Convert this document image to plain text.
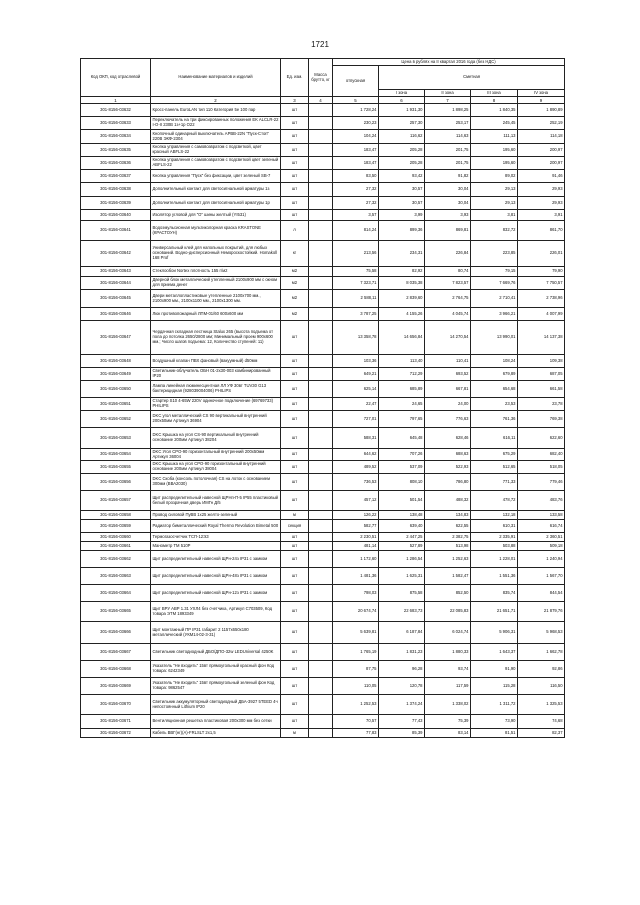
1721
Код ОКП, код отраслевой	Наименование материалов и изделий	Ед. изм.	Масса брутто, кг	Цена в рублях на II квартал 2016 года (без НДС)				
				отпускная	Сметная			
					I зона	II зона	III зона	IV зона
1	2	3	4	5	6	7	8	9
301-8156-03632	Кросс-панель EuroLAN тип 110 Категория 5е 100 пар	шт		1 728,24	1 931,30	1 898,25	1 840,35	1 890,89
301-8156-03633	Переключатель на три фиксированных положения EK ALCLR-22 I-O-II 230В 1з+1р О22	шт		230,23	257,30	253,17	245,45	252,19
301-8156-03634	Кнопочный одинарный выключатель APBB-22N "Пуск-Стоп" 220В ЭКФ-2304	шт		104,24	116,62	114,63	111,13	114,18
301-8156-03635	Кнопка управления с самовозвратом с подсветкой, цвет красный ABFLS-22	шт		183,47	205,28	201,75	195,60	200,97
301-8156-03636	Кнопка управления с самовозвратом с подсветкой цвет зеленый ABFLS-22	шт		183,47	205,28	201,75	195,60	200,97
301-8156-03637	Кнопка управления "Пуск" без фиксации, цвет зеленый SB-7	шт		83,50	93,42	91,82	89,02	91,46
301-8156-03638	Дополнительный контакт для светосигнальной арматуры 1з	шт		27,32	30,57	30,04	29,13	29,93
301-8156-03639	Дополнительный контакт для светосигнальной арматуры 1р	шт		27,32	30,57	30,04	29,13	29,93
301-8156-03640	Изолятор угловой для "О" шины желтый (YI531)	шт		3,57	3,99	3,93	3,81	3,91
301-8156-03641	Водоэмульсионная мультиколорная краска KRASTONE (КРАСТОУН)	л		814,24	899,36	869,81	832,72	861,70
301-8156-03642	Универсальный клей для напольных покрытий, для любых оснований. Водно-дисперсионный Немороскостойкий. Homakoll 168 Prof	кг		213,56	234,31	226,84	223,85	226,01
301-8156-03643	Стеклообои Nortex плотность 155 г/м2	м2		75,58	82,92	80,74	79,15	79,90
301-8156-03644	Дверной блок металлический утепленный 2100х900 мм с окном для приема денег	м2		7 323,71	8 035,38	7 823,57	7 669,76	7 750,57
301-8156-03645	Двери металлопластиковые утепленные 2100х700 мм., 2100х900 мм., 2100х1100 мм., 2100х1300 мм.	м2		2 588,11	2 839,60	2 764,75	2 710,41	2 738,96
301-8156-03646	Люк противопожарный ЛПМ-01/60 600х600 мм	м2		3 787,25	4 155,26	4 045,74	3 966,21	4 007,99
301-8156-03647	Чердачная складная лестница Stalux 265 (высота подъема от пола до потолка 2650/2800 мм; Минимальный проем 900х600 мм.; Число шагов подъема: 12, Количество ступеней: 11)	шт		13 358,78	14 656,84	14 270,54	13 990,01	14 137,38
301-8156-03648	Воздушный клапан ПВХ фановый (вакуумный) d50мм	шт		103,36	113,40	110,41	108,24	109,38
301-8156-03649	Светильник-облучатель ОБН 01-2х30-003 комбинированный IP20	шт		649,21	712,29	693,52	679,89	687,05
301-8156-03650	Лампа линейная люминесцентная ЛЛ УФ 30вт TUV30 G13 бактерицидная (928039004006) PHILIPS	шт		625,14	685,89	667,81	654,68	661,58
301-8156-03651	Стартер S10 4-65W 220V одиночное подключение (69769733) PHILIPS	шт		22,47	24,65	24,00	23,53	23,78
301-8156-03652	DKC угол металлический CS 90 вертикальный внутренний 200х50мм Артикул 36904	шт		727,01	797,65	776,63	761,36	769,38
301-8156-03653	DKC Крышка на угол CS-90 вертикальный внутренний основание 200мм Артикул 38204	шт		588,31	645,48	628,46	616,11	622,60
301-8156-03654	DKC Угол CPO-90 горизонтальный внутренний 200х50мм Артикул 36004	шт		644,62	707,26	688,63	675,29	682,40
301-8156-03655	DKC Крышка на угол CPO-90 горизонтальный внутренний основание 200мм Артикул 38004	шт		489,52	537,09	522,93	512,65	518,05
301-8156-03656	DKC Скоба (консоль потолочная) CS на лоток с основанием 300мм (ВВА2030)	шт		736,53	808,10	786,80	771,33	779,46
301-8156-03657	Щит распределительный навесной ЩРНп-П-5 IP55 пластиковый белый прозрачная дверь ИМГн Д/5	шт		457,12	501,54	488,32	478,72	483,76
301-8156-03658	Провод силовой ПуВВ 1х25 желто-зеленый	м		126,22	138,48	134,83	132,18	133,58
301-8156-03659	Радиатор биметаллический Royal Thermo Revolution Bimetal 500	секция		582,77	639,40	622,55	610,31	616,74
301-8156-03660	Термогазосчетчик ТСП-12ЭЗ	шт		2 230,51	2 447,25	2 382,75	2 335,91	2 360,51
301-8156-03661	Манометр ТМ 510Р	шт		481,14	527,89	513,98	503,88	509,18
301-8156-03662	Щит распределительный навесной ЩРн-24з IP31 с замком	шт		1 172,60	1 286,54	1 252,63	1 228,01	1 240,94
301-8156-03663	Щит распределительный навесной ЩРн-48з IP31 с замком	шт		1 481,36	1 625,31	1 582,47	1 551,36	1 567,70
301-8156-03664	Щит распределительный навесной ЩРн-12з IP31 с замком	шт		798,03	875,58	852,50	835,74	844,54
301-8156-03665	Щит ВРУ АВР 1.31 УХЛ4 без счетчика, Артикул С703509, Код товара ЭТМ 1893349	шт		20 674,74	22 683,73	22 085,83	21 651,71	21 879,76
301-8156-03666	Щит монтажный ПР IP31 габарит 2 1157х650х180 металлический (УКМ14-02-3-31)	шт		5 639,81	6 187,84	6 024,74	5 906,31	5 968,53
301-8156-03667	Светильник светодиодный ДБО/ДПО-32w LEDUniversal 4250K	шт		1 765,19	1 831,23	1 880,33	1 643,37	1 662,78
301-8156-03668	Указатель "Не входить" 15вт прямоугольный красный фон Код товара: 6242349	шт		87,75	96,28	93,74	91,90	92,86
301-8156-03669	Указатель "Не входить" 15вт прямоугольный зеленый фон Код товара: 9862547	шт		110,05	120,78	117,59	115,28	116,50
301-8156-03670	Светильник аккумуляторный светодиодный ДБА-3927 5ТЕЕD 4ч непостоянный Lithium IP20	шт		1 252,53	1 374,24	1 338,02	1 311,72	1 325,53
301-8156-03671	Вентиляционная решетка пластиковая 200х300 мм без сетки	шт		70,57	77,43	75,39	73,90	74,68
301-8156-03672	Кабель ВВГ(нг)(А)-FRLSLT 2х1,5	м		77,83	85,39	83,14	81,51	82,37
